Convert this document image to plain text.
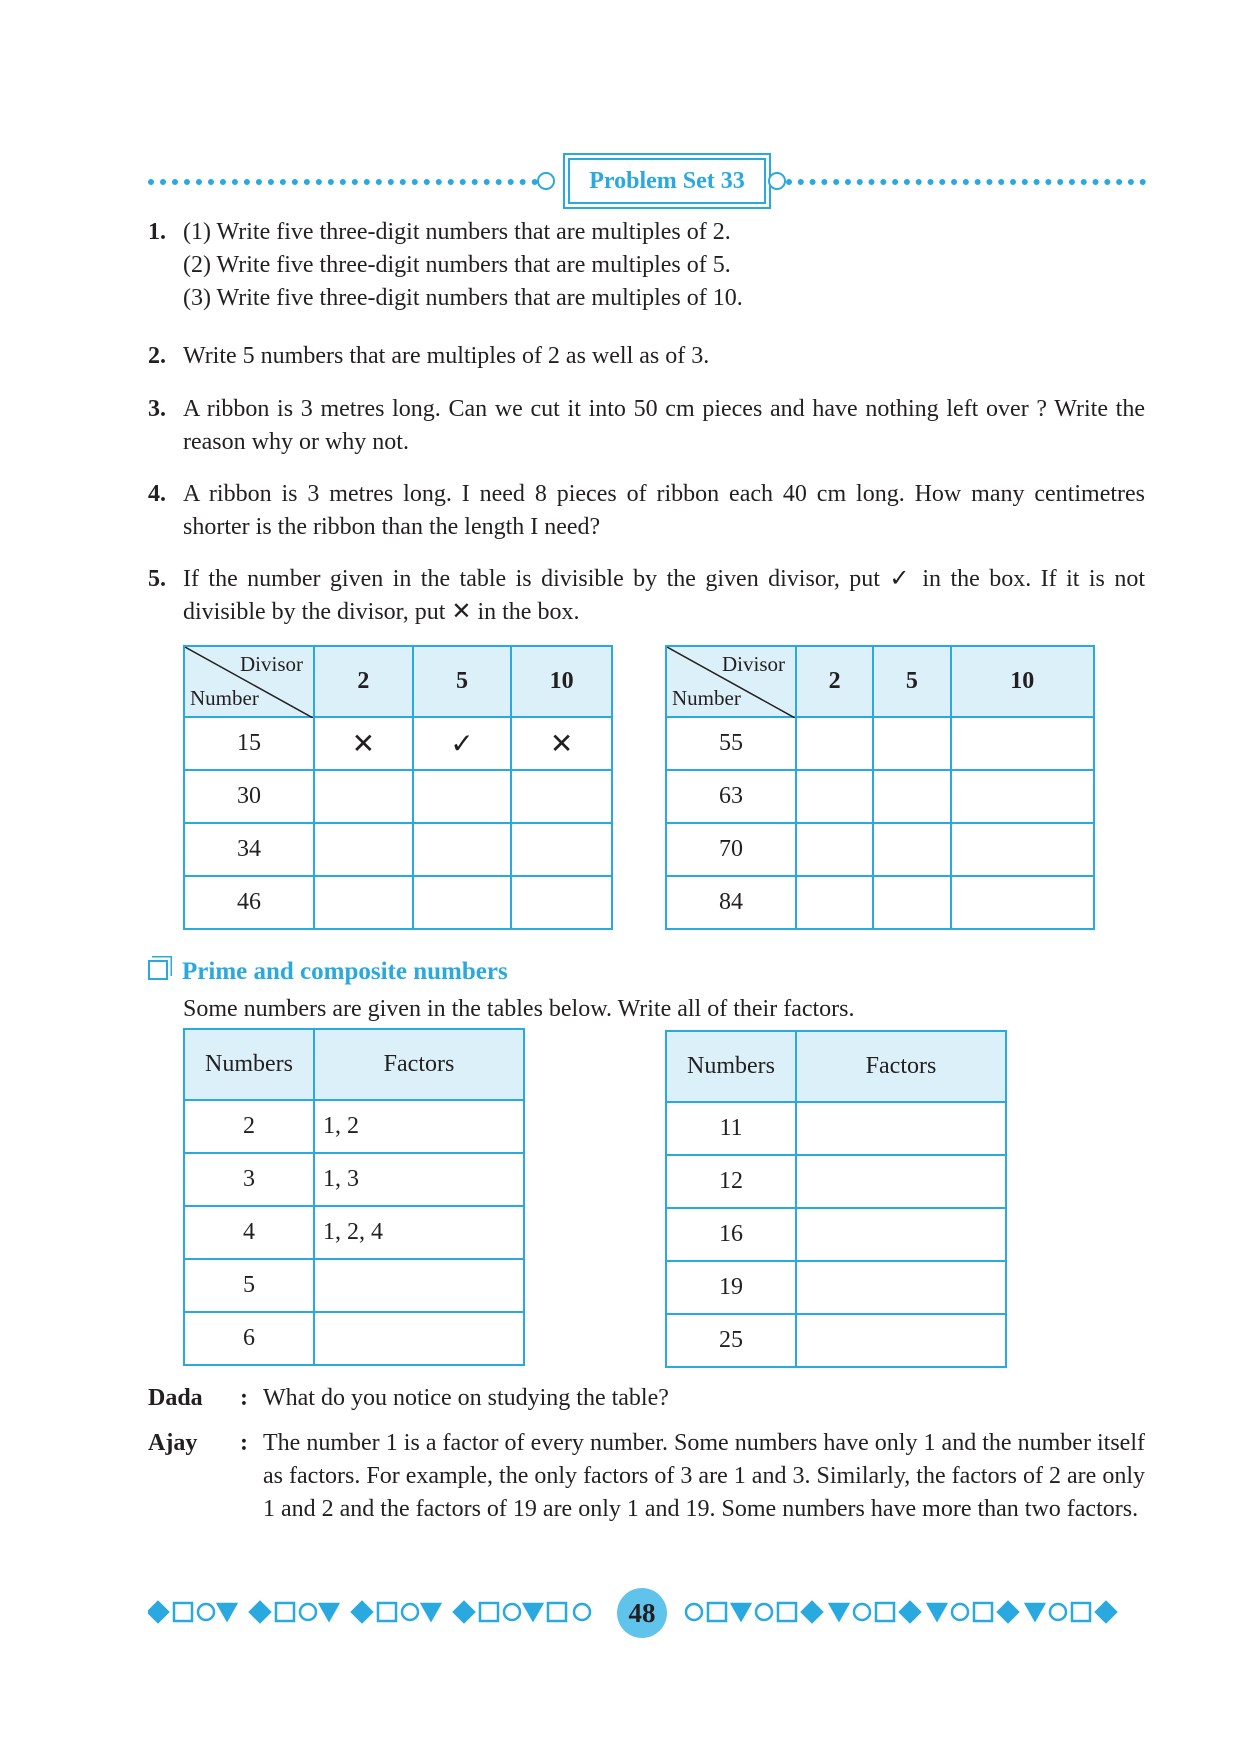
Problem Set 33
1. (1) Write five three-digit numbers that are multiples of 2.
(2) Write five three-digit numbers that are multiples of 5.
(3) Write five three-digit numbers that are multiples of 10.
2. Write 5 numbers that are multiples of 2 as well as of 3.
3. A ribbon is 3 metres long. Can we cut it into 50 cm pieces and have nothing left over ? Write the reason why or why not.
4. A ribbon is 3 metres long. I need 8 pieces of ribbon each 40 cm long. How many centimetres shorter is the ribbon than the length I need?
5. If the number given in the table is divisible by the given divisor, put ✓ in the box. If it is not divisible by the divisor, put ✕ in the box.
Divisor
Number	2	5	10
15	✕	✓	✕
30			
34			
46			
Divisor
Number	2	5	10
55			
63			
70			
84			
Prime and composite numbers
Some numbers are given in the tables below. Write all of their factors.
Numbers	Factors
2	1, 2
3	1, 3
4	1, 2, 4
5	
6	
Numbers	Factors
11	
12	
16	
19	
25	
Dada : What do you notice on studying the table?
Ajay : The number 1 is a factor of every number. Some numbers have only 1 and the number itself as factors. For example, the only factors of 3 are 1 and 3. Similarly, the factors of 2 are only 1 and 2 and the factors of 19 are only 1 and 19. Some numbers have more than two factors.
48
